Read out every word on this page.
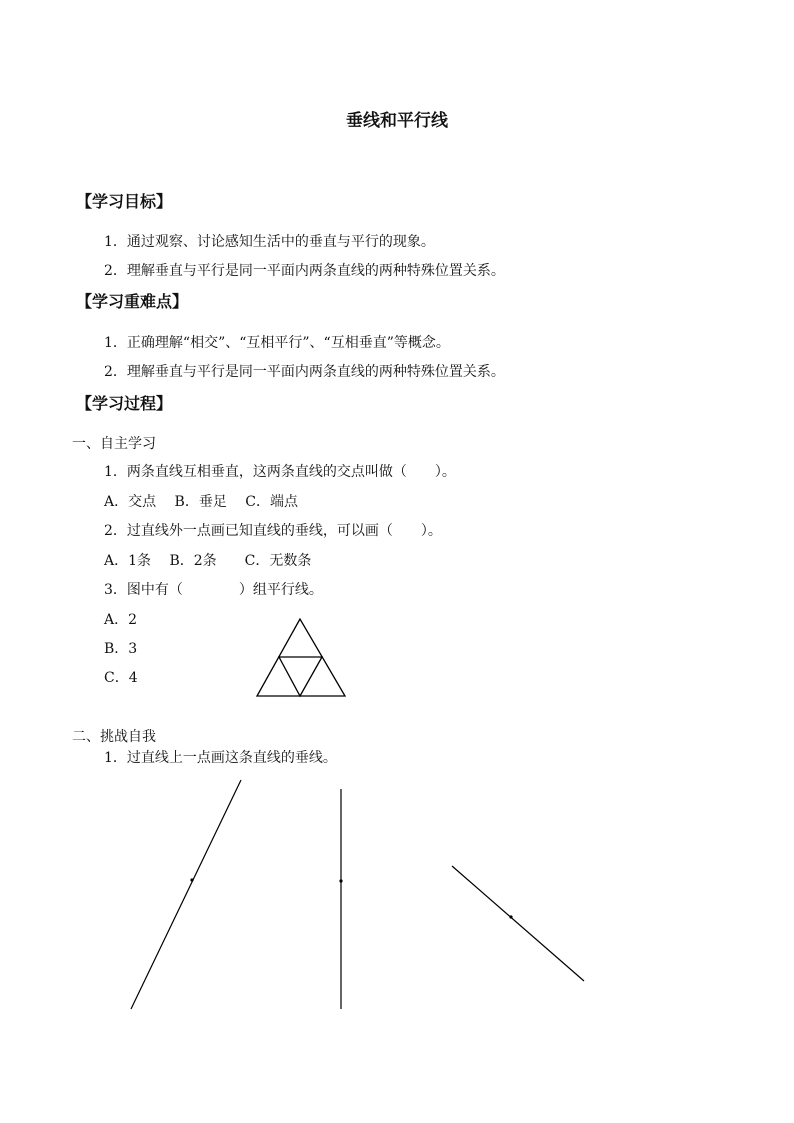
垂线和平行线
【学习目标】
1．通过观察、讨论感知生活中的垂直与平行的现象。
2．理解垂直与平行是同一平面内两条直线的两种特殊位置关系。
【学习重难点】
1．正确理解“相交”、“互相平行”、“互相垂直”等概念。
2．理解垂直与平行是同一平面内两条直线的两种特殊位置关系。
【学习过程】
一、自主学习
1．两条直线互相垂直，这两条直线的交点叫做（　　）。
A．交点　 B．垂足　 C．端点
2．过直线外一点画已知直线的垂线，可以画（　　）。
A．1条　 B．2条　　C．无数条
3．图中有（　　　　）组平行线。
A．2
B．3
C．4
二、挑战自我
1．过直线上一点画这条直线的垂线。
